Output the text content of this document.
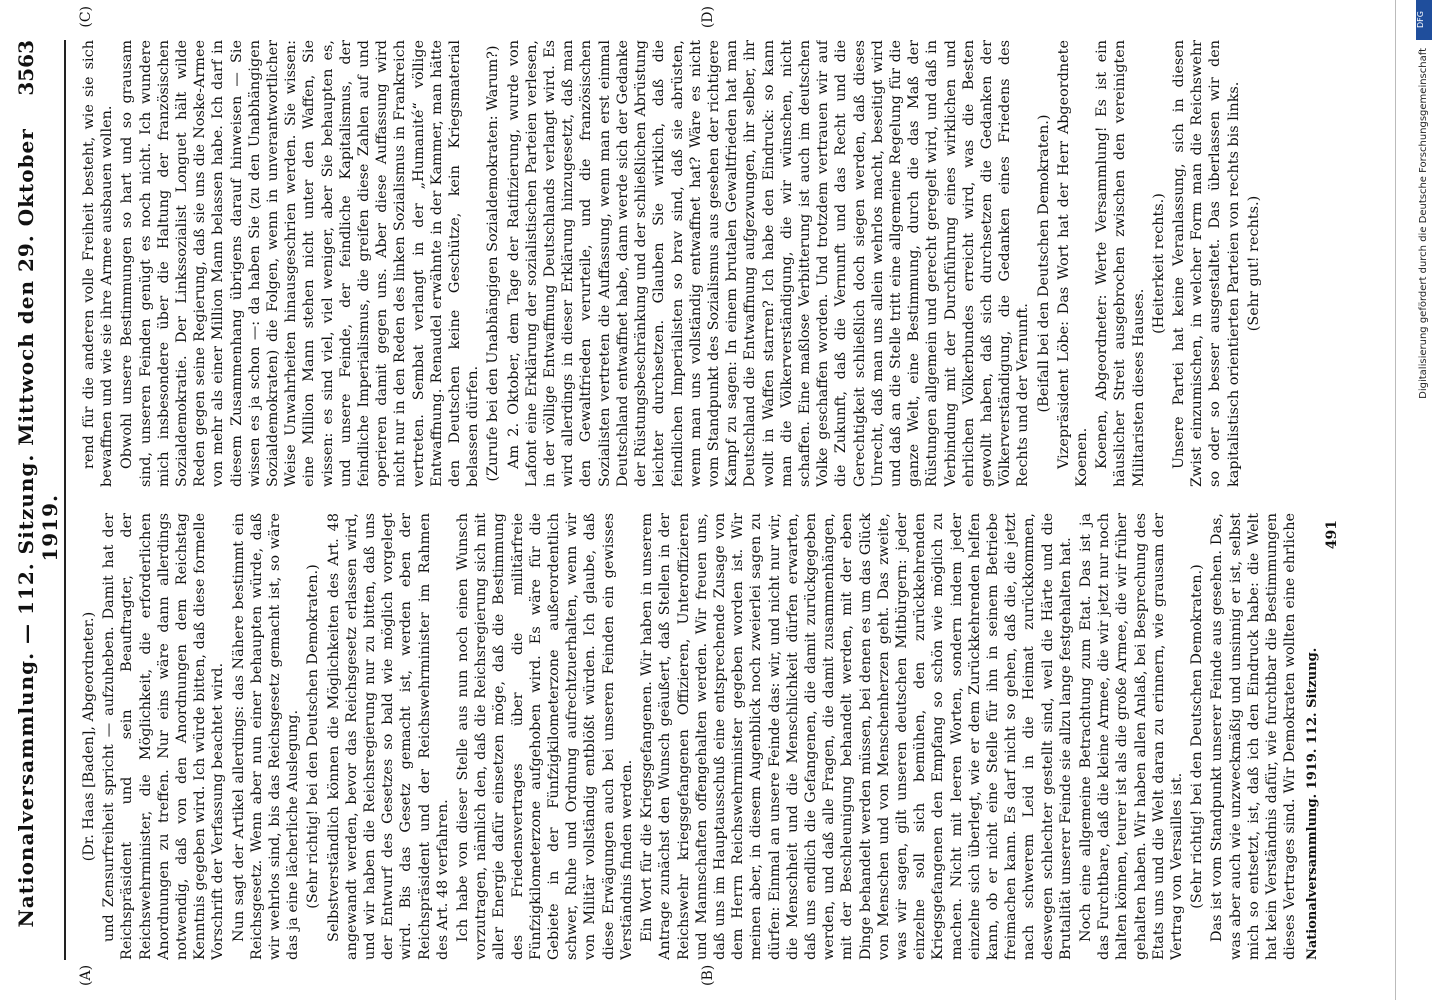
Nationalversammlung. — 112. Sitzung. Mittwoch den 29. Oktober 1919.
3563
(A)	(B)
(C)	(D)

(Dr. Haas [Baden], Abgeordneter.) und Zensurfreiheit spricht — aufzuheben. Damit hat der Reichspräsident und sein Beauftragter, der Reichswehrminister, die Möglichkeit, die erforderlichen Anordnungen zu treffen. Nur eins wäre dann allerdings notwendig, daß von den Anordnungen dem Reichstag Kenntnis gegeben wird. Ich würde bitten, daß diese formelle Vorschrift der Verfassung beachtet wird. Nun sagt der Artikel allerdings: das Nähere bestimmt ein Reichsgesetz. Wenn aber nun einer behaupten würde, daß wir wehrlos sind, bis das Reichsgesetz gemacht ist, so wäre das ja eine lächerliche Auslegung. (Sehr richtig! bei den Deutschen Demokraten.) Selbstverständlich können die Möglichkeiten des Art. 48 angewandt werden, bevor das Reichsgesetz erlassen wird, und wir haben die Reichsregierung nur zu bitten, daß uns der Entwurf des Gesetzes so bald wie möglich vorgelegt wird. Bis das Gesetz gemacht ist, werden eben der Reichspräsident und der Reichswehrminister im Rahmen des Art. 48 verfahren. Ich habe von dieser Stelle aus nun noch einen Wunsch vorzutragen, nämlich den, daß die Reichsregierung sich mit aller Energie dafür einsetzen möge, daß die Bestimmung des Friedensvertrages über die militärfreie Fünfzigkilometerzone aufgehoben wird. Es wäre für die Gebiete in der Fünfzigkilometerzone außerordentlich schwer, Ruhe und Ordnung aufrechtzuerhalten, wenn wir von Militär vollständig entblößt würden. Ich glaube, daß diese Erwägungen auch bei unseren Feinden ein gewisses Verständnis finden werden. Ein Wort für die Kriegsgefangenen. Wir haben in unserem Antrage zunächst den Wunsch geäußert, daß Stellen in der Reichswehr kriegsgefangenen Offizieren, Unteroffizieren und Mannschaften offengehalten werden. Wir freuen uns, daß uns im Hauptausschuß eine entsprechende Zusage von dem Herrn Reichswehrminister gegeben worden ist. Wir meinen aber, in diesem Augenblick noch zweierlei sagen zu dürfen: Einmal an unsere Feinde das: wir, und nicht nur wir, die Menschheit und die Menschlichkeit dürfen erwarten, daß uns endlich die Gefangenen, die damit zurückgegeben werden, und daß alle Fragen, die damit zusammenhängen, mit der Beschleunigung behandelt werden, mit der eben Dinge behandelt werden müssen, bei denen es um das Glück von Menschen und von Menschenherzen geht. Das zweite, was wir sagen, gilt unseren deutschen Mitbürgern: jeder einzelne soll sich bemühen, den zurückkehrenden Kriegsgefangenen den Empfang so schön wie möglich zu machen. Nicht mit leeren Worten, sondern indem jeder einzelne sich überlegt, wie er dem Zurückkehrenden helfen kann, ob er nicht eine Stelle für ihn in seinem Betriebe freimachen kann. Es darf nicht so gehen, daß die, die jetzt nach schwerem Leid in die Heimat zurückkommen, deswegen schlechter gestellt sind, weil die Härte und die Brutalität unserer Feinde sie allzu lange festgehalten hat. Noch eine allgemeine Betrachtung zum Etat. Das ist ja das Furchtbare, daß die kleine Armee, die wir jetzt nur noch halten können, teurer ist als die große Armee, die wir früher gehalten haben. Wir haben allen Anlaß, bei Besprechung des Etats uns und die Welt daran zu erinnern, wie grausam der Vertrag von Versailles ist. (Sehr richtig! bei den Deutschen Demokraten.)

Das ist vom Standpunkt unserer Feinde aus gesehen. Das, was aber auch wie unzweckmäßig und unsinnig er ist, selbst mich so entsetzt, ist, daß ich den Eindruck habe: die Welt hat kein Verständnis dafür, wie furchtbar die Bestimmungen dieses Vertrages sind. Wir Demokraten wollten eine ehrliche

rend für die anderen volle Freiheit besteht, wie sie sich bewaffnen und wie sie ihre Armee ausbauen wollen. Obwohl unsere Bestimmungen so hart und so grausam sind, unseren Feinden genügt es noch nicht. Ich wundere mich insbesondere über die Haltung der französischen Sozialdemokratie. Der Linkssozialist Longuet hält wilde Reden gegen seine Regierung, daß sie uns die Noske-Armee von mehr als einer Million Mann belassen habe. Ich darf in diesem Zusammenhang übrigens darauf hinweisen — Sie wissen es ja schon —: da haben Sie (zu den Unabhängigen Sozialdemokraten) die Folgen, wenn in unverantwortlicher Weise Unwahrheiten hinausgeschrien werden. Sie wissen: eine Million Mann stehen nicht unter den Waffen, Sie wissen: es sind viel, viel weniger, aber Sie behaupten es, und unsere Feinde, der feindliche Kapitalismus, der feindliche Imperialismus, die greifen diese Zahlen auf und operieren damit gegen uns. Aber diese Auffassung wird nicht nur in den Reden des linken Sozialismus in Frankreich vertreten. Sembat verlangt in der „Humanité“ völlige Entwaffnung. Renaudel erwähnte in der Kammer, man hätte den Deutschen keine Geschütze, kein Kriegsmaterial belassen dürfen. (Zurufe bei den Unabhängigen Sozialdemokraten: Warum?) Am 2. Oktober, dem Tage der Ratifizierung, wurde von Lafont eine Erklärung der sozialistischen Parteien verlesen, in der völlige Entwaffnung Deutschlands verlangt wird. Es wird allerdings in dieser Erklärung hinzugesetzt, daß man den Gewaltfrieden verurteile, und die französischen Sozialisten vertreten die Auffassung, wenn man erst einmal Deutschland entwaffnet habe, dann werde sich der Gedanke der Rüstungsbeschränkung und der schließlichen Abrüstung leichter durchsetzen. Glauben Sie wirklich, daß die feindlichen Imperialisten so brav sind, daß sie abrüsten, wenn man uns vollständig entwaffnet hat? Wäre es nicht vom Standpunkt des Sozialismus aus gesehen der richtigere Kampf zu sagen: In einem brutalen Gewaltfrieden hat man Deutschland die Entwaffnung aufgezwungen, ihr selber, ihr wollt in Waffen starren? Ich habe den Eindruck: so kann man die Völkerverständigung, die wir wünschen, nicht schaffen. Eine maßlose Verbitterung ist auch im deutschen Volke geschaffen worden. Und trotzdem vertrauen wir auf die Zukunft, daß die Vernunft und das Recht und die Gerechtigkeit schließlich doch siegen werden, daß dieses Unrecht, daß man uns allein wehrlos macht, beseitigt wird und daß an die Stelle tritt eine allgemeine Regelung für die ganze Welt, eine Bestimmung, durch die das Maß der Rüstungen allgemein und gerecht geregelt wird, und daß in Verbindung mit der Durchführung eines wirklichen und ehrlichen Völkerbundes erreicht wird, was die Besten gewollt haben, daß sich durchsetzen die Gedanken der Völkerverständigung, die Gedanken eines Friedens des Rechts und der Vernunft. (Beifall bei den Deutschen Demokraten.) Vizepräsident Löbe: Das Wort hat der Herr Abgeordnete Koenen. Koenen, Abgeordneter: Werte Versammlung! Es ist ein häuslicher Streit ausgebrochen zwischen den vereinigten Militaristen dieses Hauses.

(Heiterkeit rechts.) Unsere Partei hat keine Veranlassung, sich in diesen Zwist einzumischen, in welcher Form man die Reichswehr so oder so besser ausgestaltet. Das überlassen wir den kapitalistisch orientierten Parteien von rechts bis links. (Sehr gut! rechts.)

Nationalversammlung. 1919. 112. Sitzung.
491
DFG
Digitalisierung gefördert durch die Deutsche Forschungsgemeinschaft
